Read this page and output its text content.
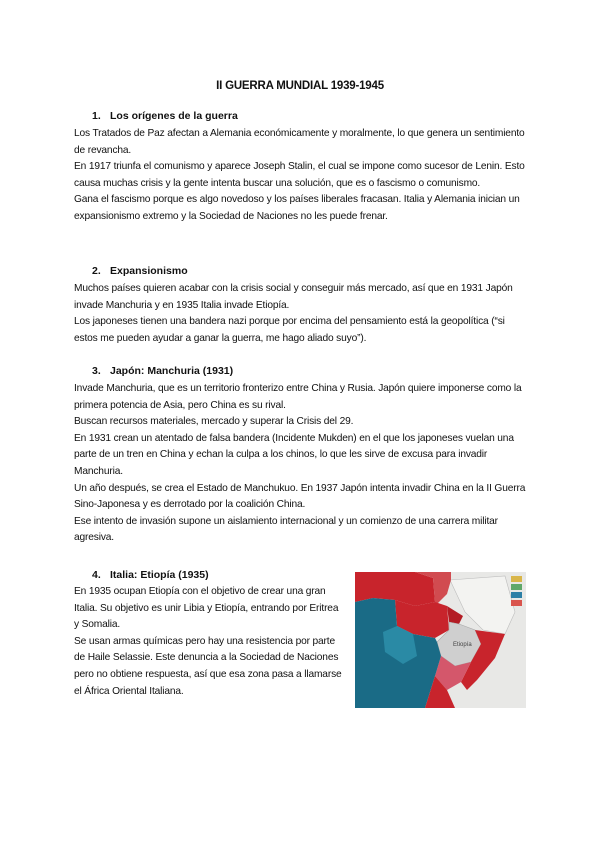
II GUERRA MUNDIAL 1939-1945
1. Los orígenes de la guerra

Los Tratados de Paz afectan a Alemania económicamente y moralmente, lo que genera un sentimiento de revancha.

En 1917 triunfa el comunismo y aparece Joseph Stalin, el cual se impone como sucesor de Lenin. Esto causa muchas crisis y la gente intenta buscar una solución, que es o fascismo o comunismo.

Gana el fascismo porque es algo novedoso y los países liberales fracasan. Italia y Alemania inician un expansionismo extremo y la Sociedad de Naciones no les puede frenar.

2. Expansionismo

Muchos países quieren acabar con la crisis social y conseguir más mercado, así que en 1931 Japón invade Manchuria y en 1935 Italia invade Etiopía.

Los japoneses tienen una bandera nazi porque por encima del pensamiento está la geopolítica (“si estos me pueden ayudar a ganar la guerra, me hago aliado suyo”).

3. Japón: Manchuria (1931)

Invade Manchuria, que es un territorio fronterizo entre China y Rusia. Japón quiere imponerse como la primera potencia de Asia, pero China es su rival.

Buscan recursos materiales, mercado y superar la Crisis del 29.

En 1931 crean un atentado de falsa bandera (Incidente Mukden) en el que los japoneses vuelan una parte de un tren en China y echan la culpa a los chinos, lo que les sirve de excusa para invadir Manchuria.

Un año después, se crea el Estado de Manchukuo. En 1937 Japón intenta invadir China en la II Guerra Sino-Japonesa y es derrotado por la coalición China.

Ese intento de invasión supone un aislamiento internacional y un comienzo de una carrera militar agresiva.

4. Italia: Etiopía (1935)

En 1935 ocupan Etiopía con el objetivo de crear una gran Italia. Su objetivo es unir Libia y Etiopía, entrando por Eritrea y Somalia.

Se usan armas químicas pero hay una resistencia por parte de Haile Selassie. Este denuncia a la Sociedad de Naciones pero no obtiene respuesta, así que esa zona pasa a llamarse el África Oriental Italiana.

Etiopía
